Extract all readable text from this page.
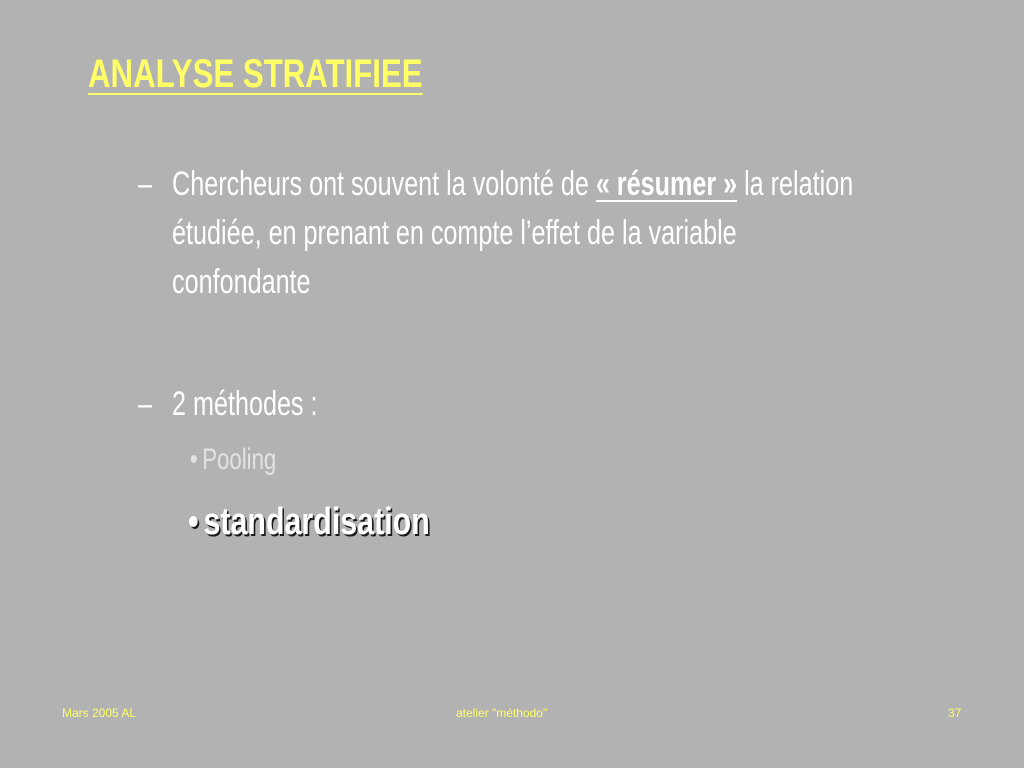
ANALYSE STRATIFIEE
– Chercheurs ont souvent la volonté de « résumer » la relation étudiée, en prenant en compte l’effet de la variable confondante
– 2 méthodes :
• Pooling
• standardisation
Mars 2005 AL	atelier "méthodo"	37
